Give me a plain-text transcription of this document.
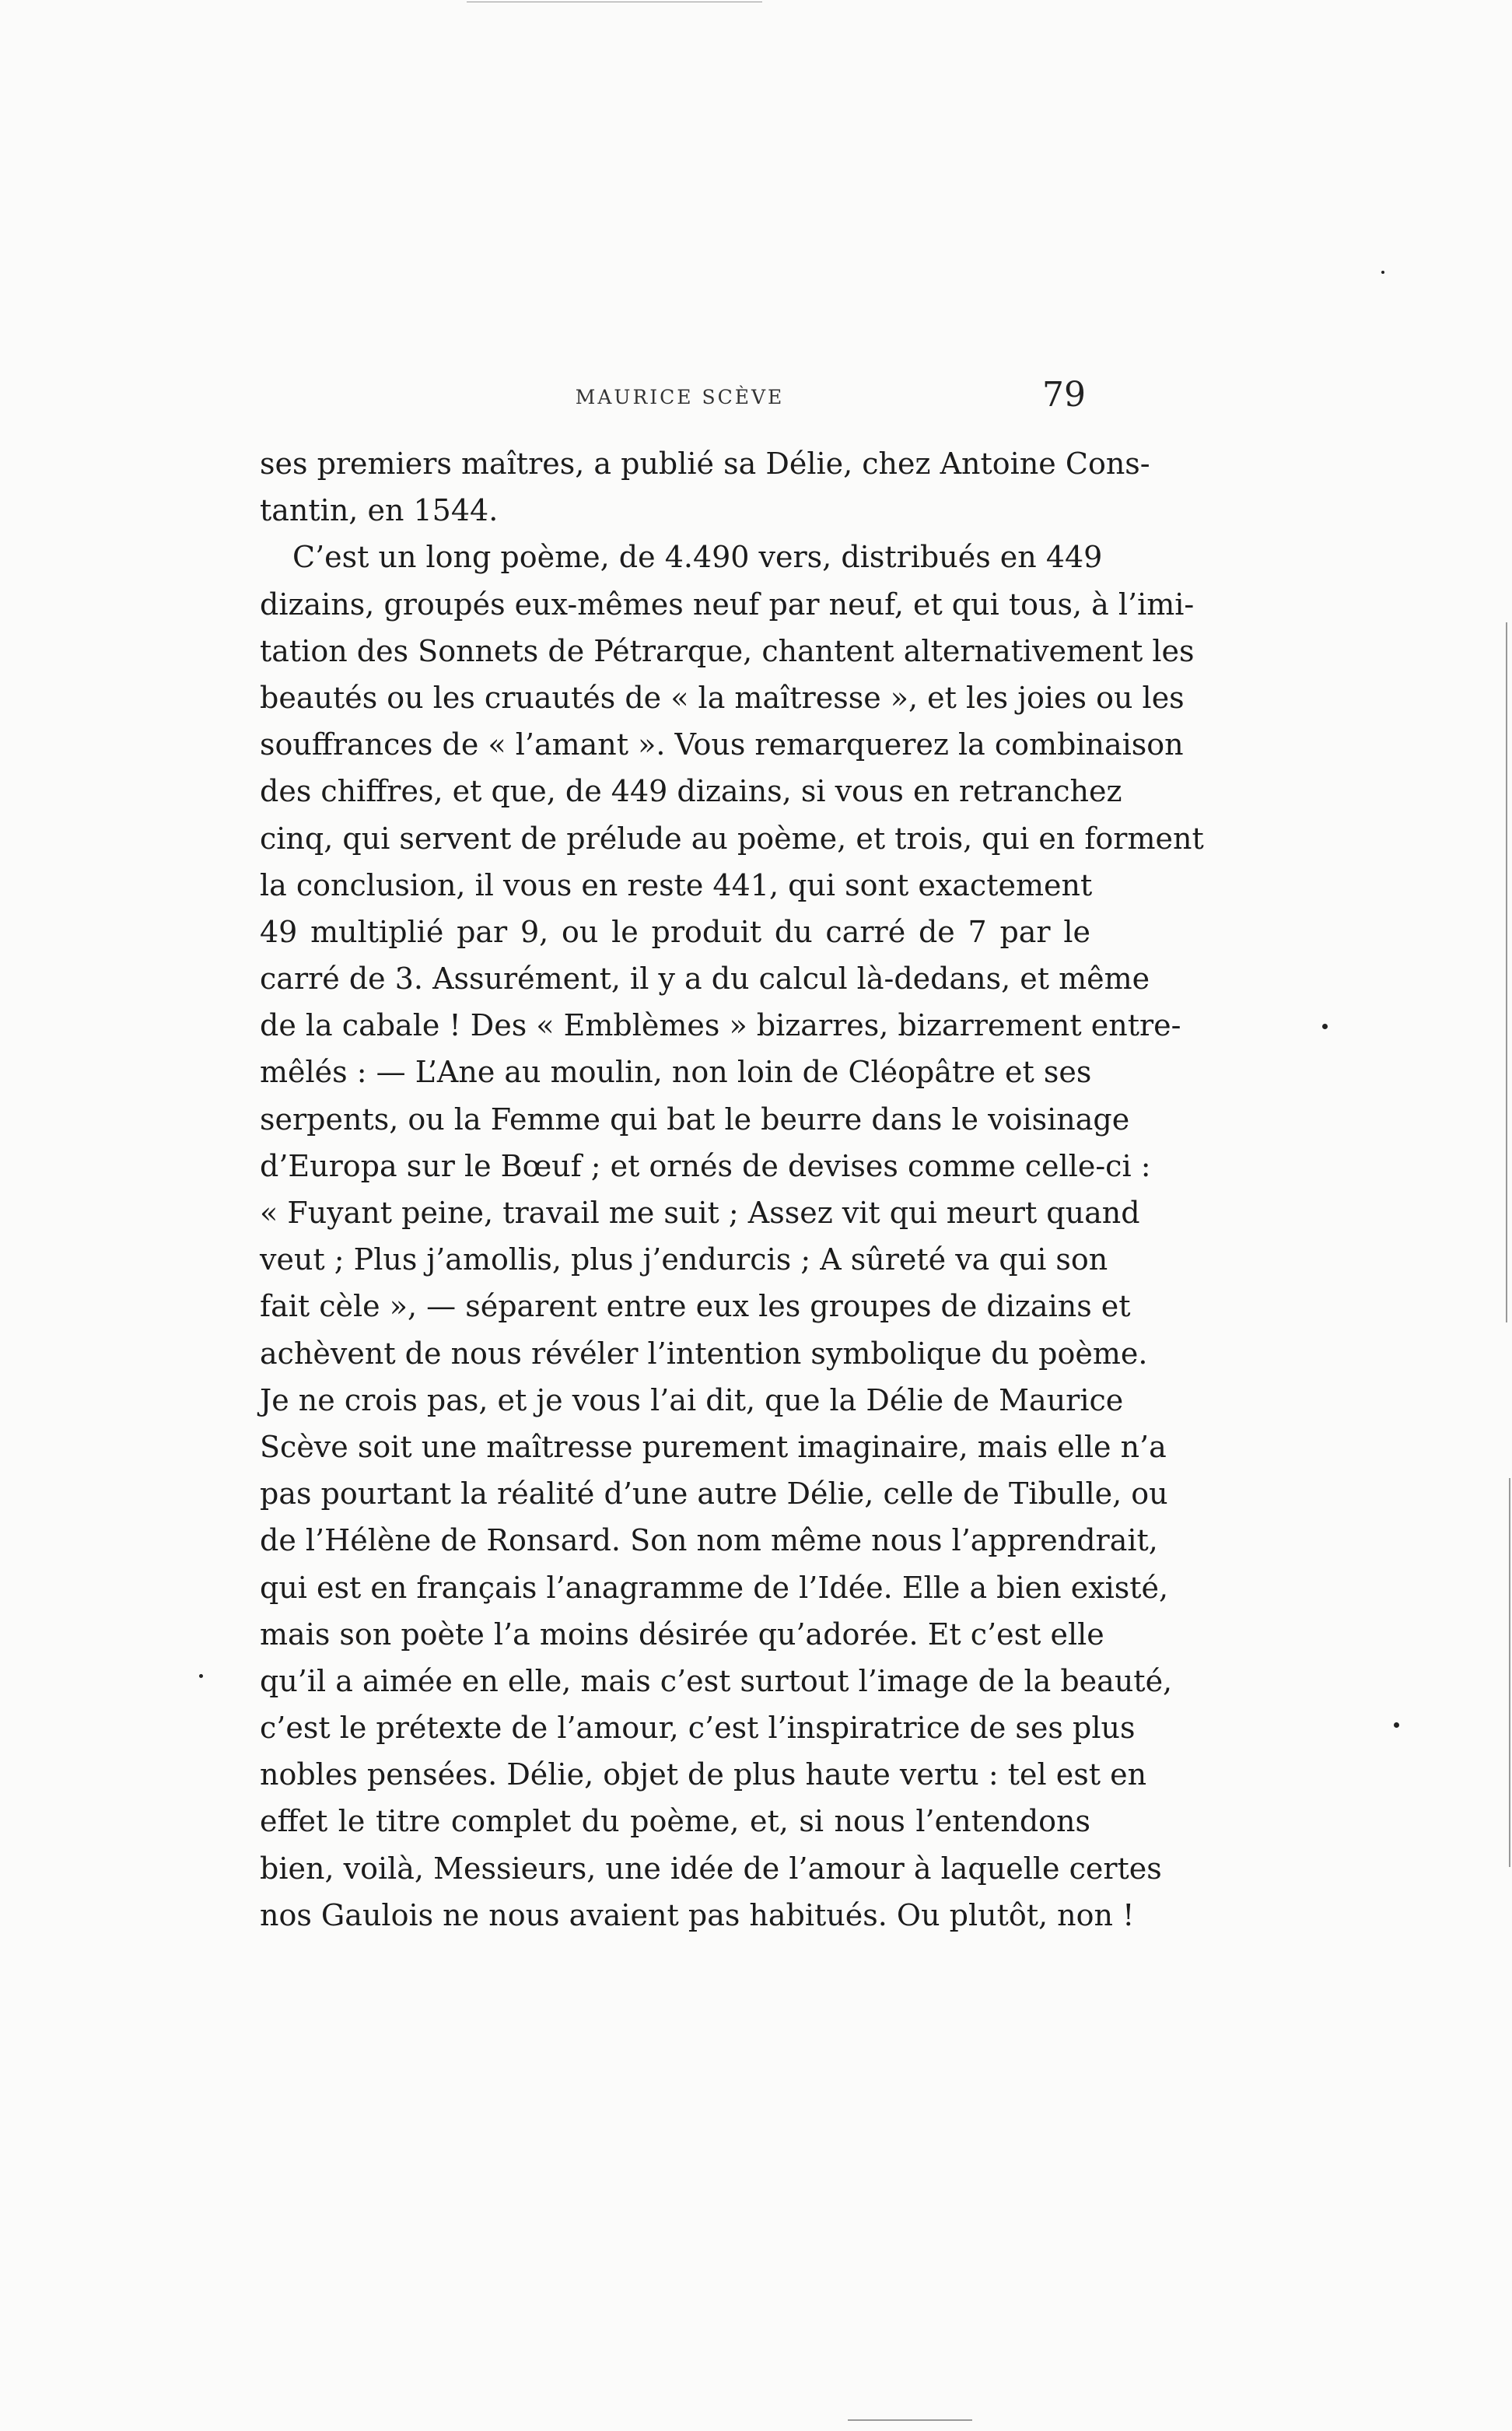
MAURICE SCÈVE	79
ses premiers maîtres, a publié sa Délie, chez Antoine Cons-
tantin, en 1544.
C’est un long poème, de 4.490 vers, distribués en 449
dizains, groupés eux-mêmes neuf par neuf, et qui tous, à l’imi-
tation des Sonnets de Pétrarque, chantent alternativement les
beautés ou les cruautés de « la maîtresse », et les joies ou les
souffrances de « l’amant ». Vous remarquerez la combinaison
des chiffres, et que, de 449 dizains, si vous en retranchez
cinq, qui servent de prélude au poème, et trois, qui en forment
la conclusion, il vous en reste 441, qui sont exactement
49 multiplié par 9, ou le produit du carré de 7 par le
carré de 3. Assurément, il y a du calcul là-dedans, et même
de la cabale ! Des « Emblèmes » bizarres, bizarrement entre-
mêlés : — L’Ane au moulin, non loin de Cléopâtre et ses
serpents, ou la Femme qui bat le beurre dans le voisinage
d’Europa sur le Bœuf ; et ornés de devises comme celle-ci :
« Fuyant peine, travail me suit ; Assez vit qui meurt quand
veut ; Plus j’amollis, plus j’endurcis ; A sûreté va qui son
fait cèle », — séparent entre eux les groupes de dizains et
achèvent de nous révéler l’intention symbolique du poème.
Je ne crois pas, et je vous l’ai dit, que la Délie de Maurice
Scève soit une maîtresse purement imaginaire, mais elle n’a
pas pourtant la réalité d’une autre Délie, celle de Tibulle, ou
de l’Hélène de Ronsard. Son nom même nous l’apprendrait,
qui est en français l’anagramme de l’Idée. Elle a bien existé,
mais son poète l’a moins désirée qu’adorée. Et c’est elle
qu’il a aimée en elle, mais c’est surtout l’image de la beauté,
c’est le prétexte de l’amour, c’est l’inspiratrice de ses plus
nobles pensées. Délie, objet de plus haute vertu : tel est en
effet le titre complet du poème, et, si nous l’entendons
bien, voilà, Messieurs, une idée de l’amour à laquelle certes
nos Gaulois ne nous avaient pas habitués. Ou plutôt, non !
